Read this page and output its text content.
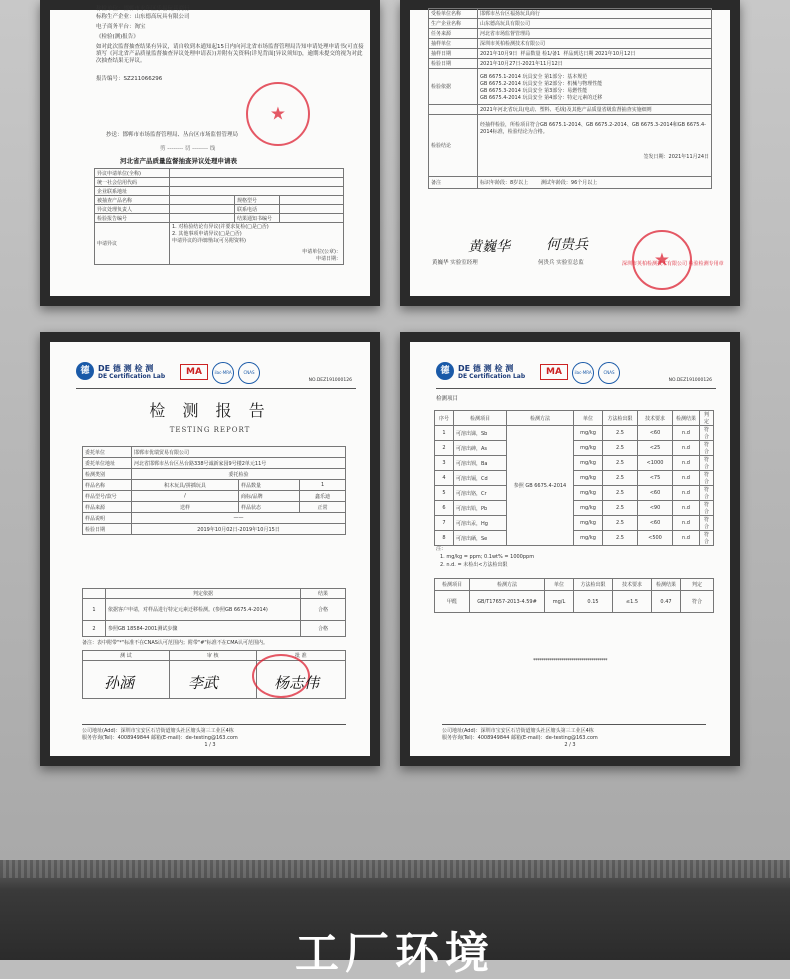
称检单位：邯郸市永年区乐福玩具商行
标称生产企业：山东德高玩具有限公司
电子商务平台：淘宝
《检验(测)报告》
如对此次监督抽查结果有异议，请自收到本通知起15日内向河北省市场监督管理局告知申请处理申请书(可直接填写《河北省产品质量监督抽查异议处理申请表》)并附有关资料(详见背面[异议须知])，逾期未提交的视为对此次抽查结果无异议。
报告编号：SZ211066296
★
抄送：邯郸市市场监督管理局、丛台区市场监督管理局
剪 -------- 切 -------- 线
河北省产品质量监督抽查异议处理申请表
异议申请单位(全称)			
统一社会信用代码			
企业联系地址			
被抽查产品名称		规格型号	
异议处理负责人		联系电话	
检验报告编号		结果通知书编号	
申请异议	1. 对检验结论有异议(并要求复检(□是□否)
2. 其他事项申请异议(□是□否)
申请异议的详细理由(可另附资料)
申请单位(公章)：
申请日期：		
受检单位名称	邯郸市丛台区福扬玩具商行
生产企业名称	山东德高玩具有限公司
任务来源	河北省市场监督管理局
抽样单位	深圳市英柏检测技术有限公司
抽样日期	2021年10月9日 样品数量 检1/备1 样品到达日期 2021年10月12日
检验日期	2021年10月27日-2021年11月12日
检验依据	GB 6675.1-2014 玩具安全 第1部分：基本规范
GB 6675.2-2014 玩具安全 第2部分：机械与物理性能
GB 6675.3-2014 玩具安全 第3部分：易燃性能
GB 6675.4-2014 玩具安全 第4部分：特定元素的迁移

	2021年河北省玩具(电动、塑料、毛绒)及其他产品质量省级监督抽查实施细则
检验结论	经抽样检验，所检项目符合GB 6675.1-2014、GB 6675.2-2014、GB 6675.3-2014和GB 6675.4-2014标准，检验结论为合格。
签发日期：2021年11月24日

备注	标识年龄段：8岁以上 测试年龄段：96个月以上
黄巍华	何贵兵
黄巍华 实验室经理	何贵兵 实验室总监	★
深圳市英柏检测技术有限公司 检验检测专用章
德	DE 德 测 检 测
DE Certification Lab	MA	ilac-MRA	CNAS
NO.DEZ191000126
检 测 报 告
TESTING REPORT
委托单位	邯郸市优瑞贸易有限公司		
委托单位地址	河北省邯郸市丛台区丛台路338号诚新家园9号楼2单元11号		
检测类别	委托检验		
样品名称	积木玩具/拼插玩具	样品数量	1
样品型号/款号	/	商标/品牌	鑫乐迪
样品来源	送样	样品状态	正常
样品说明	——		
检验日期	2019年10月02日-2019年10月15日		
	判定依据	结果
1	依据客户申请，对样品进行特定元素迁移检测。(参照GB 6675.4-2014)	合格
2	参照GB 18584-2001测试步骤	合格
备注：表中附带"*"标准不在CNAS认可范围内；附带"#"标准不在CMA认可范围内。
测 试	审 核	批 准

孙涵	李武	杨志伟
公司地址(Add)：深圳市宝安区石岩街道塘头社区塘头第三工业区4栋
服务咨询(Tel)：4008949844 邮箱(E-mail)：de-testing@163.com
1 / 3
德	DE 德 测 检 测
DE Certification Lab	MA	ilac-MRA	CNAS
NO.DEZ191000126
检测项目
序号	检测项目	检测方法	单位	方法检出限	技术要求	检测结果	判定
1	可溶出锑，Sb	参照 GB 6675.4-2014	mg/kg	2.5	<60	n.d	符合
2	可溶出砷，As		mg/kg	2.5	<25	n.d	符合
3	可溶出钡，Ba		mg/kg	2.5	<1000	n.d	符合
4	可溶出镉，Cd		mg/kg	2.5	<75	n.d	符合
5	可溶出铬，Cr		mg/kg	2.5	<60	n.d	符合
6	可溶出铅，Pb		mg/kg	2.5	<90	n.d	符合
7	可溶出汞，Hg		mg/kg	2.5	<60	n.d	符合
8	可溶出硒，Se		mg/kg	2.5	<500	n.d	符合
注：
1. mg/kg = ppm; 0.1wt% = 1000ppm
2. n.d. = 未检出<方法检出限
检测项目	检测方法	单位	方法检出限	技术要求	检测结果	判定
甲醛	GB/T17657-2013-4.59#	mg/L	0.15	≤1.5	0.47	符合
*************************************
公司地址(Add)：深圳市宝安区石岩街道塘头社区塘头第三工业区4栋
服务咨询(Tel)：4008949844 邮箱(E-mail)：de-testing@163.com
2 / 3
工厂环境
